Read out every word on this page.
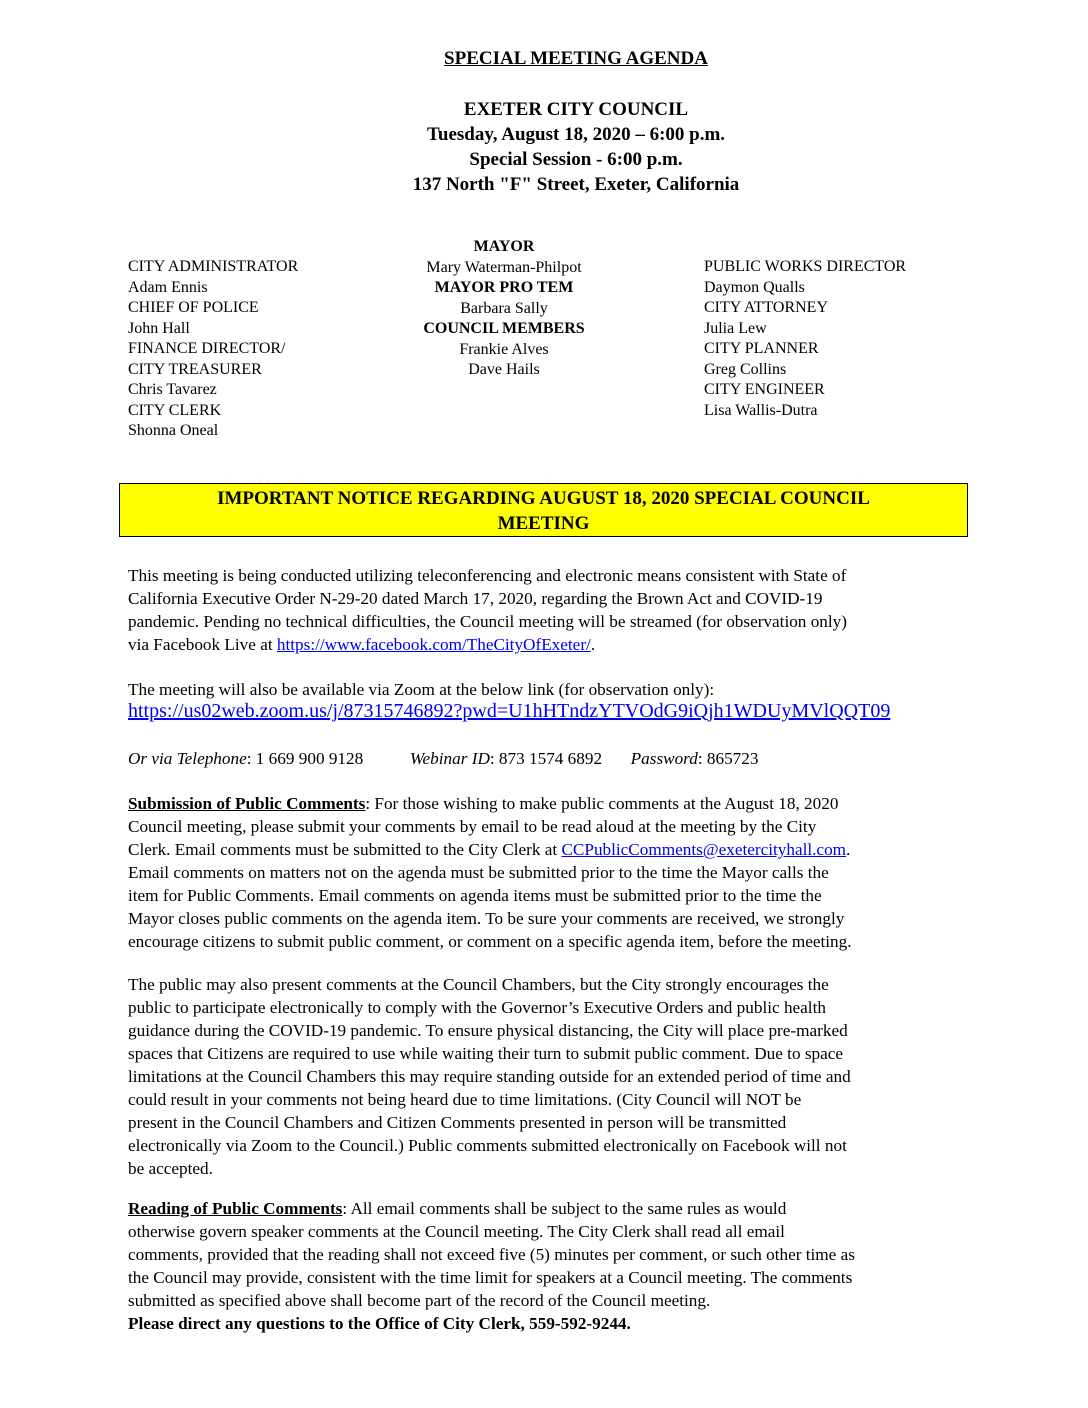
SPECIAL MEETING AGENDA
EXETER CITY COUNCIL
Tuesday, August 18, 2020 – 6:00 p.m.
Special Session - 6:00 p.m.
137 North "F" Street, Exeter, California
CITY ADMINISTRATOR
Adam Ennis
CHIEF OF POLICE
John Hall
FINANCE DIRECTOR/
CITY TREASURER
Chris Tavarez
CITY CLERK
Shonna Oneal
MAYOR
Mary Waterman-Philpot
MAYOR PRO TEM
Barbara Sally
COUNCIL MEMBERS
Frankie Alves
Dave Hails
PUBLIC WORKS DIRECTOR
Daymon Qualls
CITY ATTORNEY
Julia Lew
CITY PLANNER
Greg Collins
CITY ENGINEER
Lisa Wallis-Dutra
IMPORTANT NOTICE REGARDING AUGUST 18, 2020 SPECIAL COUNCIL
MEETING
This meeting is being conducted utilizing teleconferencing and electronic means consistent with State of
California Executive Order N-29-20 dated March 17, 2020, regarding the Brown Act and COVID-19
pandemic. Pending no technical difficulties, the Council meeting will be streamed (for observation only)
via Facebook Live at https://www.facebook.com/TheCityOfExeter/.
The meeting will also be available via Zoom at the below link (for observation only):
https://us02web.zoom.us/j/87315746892?pwd=U1hHTndzYTVOdG9iQjh1WDUyMVlQQT09
Or via Telephone: 1 669 900 9128	Webinar ID: 873 1574 6892 Password: 865723
Submission of Public Comments: For those wishing to make public comments at the August 18, 2020
Council meeting, please submit your comments by email to be read aloud at the meeting by the City
Clerk. Email comments must be submitted to the City Clerk at CCPublicComments@exetercityhall.com.
Email comments on matters not on the agenda must be submitted prior to the time the Mayor calls the
item for Public Comments. Email comments on agenda items must be submitted prior to the time the
Mayor closes public comments on the agenda item. To be sure your comments are received, we strongly
encourage citizens to submit public comment, or comment on a specific agenda item, before the meeting.
The public may also present comments at the Council Chambers, but the City strongly encourages the
public to participate electronically to comply with the Governor’s Executive Orders and public health
guidance during the COVID-19 pandemic. To ensure physical distancing, the City will place pre-marked
spaces that Citizens are required to use while waiting their turn to submit public comment. Due to space
limitations at the Council Chambers this may require standing outside for an extended period of time and
could result in your comments not being heard due to time limitations. (City Council will NOT be
present in the Council Chambers and Citizen Comments presented in person will be transmitted
electronically via Zoom to the Council.) Public comments submitted electronically on Facebook will not
be accepted.
Reading of Public Comments: All email comments shall be subject to the same rules as would
otherwise govern speaker comments at the Council meeting. The City Clerk shall read all email
comments, provided that the reading shall not exceed five (5) minutes per comment, or such other time as
the Council may provide, consistent with the time limit for speakers at a Council meeting. The comments
submitted as specified above shall become part of the record of the Council meeting.
Please direct any questions to the Office of City Clerk, 559-592-9244.
